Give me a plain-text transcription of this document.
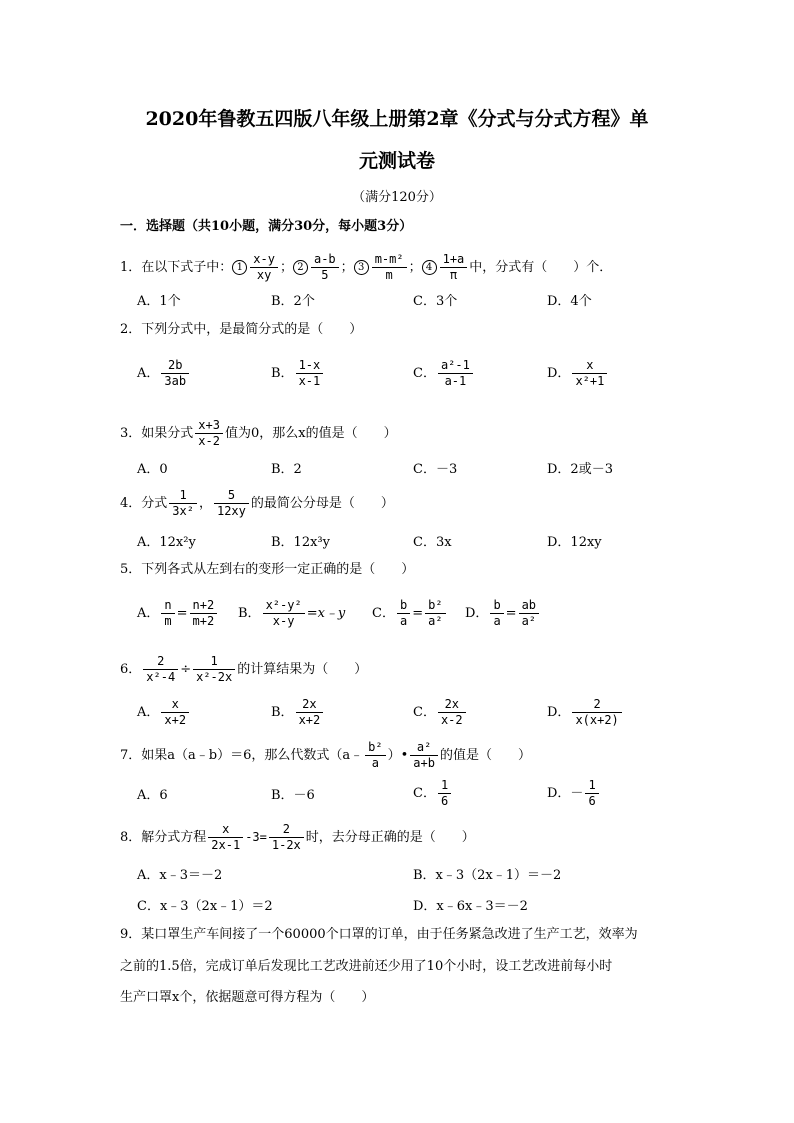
2020年鲁教五四版八年级上册第2章《分式与分式方程》单
元测试卷
（满分120分）
一．选择题（共10小题，满分30分，每小题3分）
1．在以下式子中： $1 \frac{x-y}{xy}$ ； $2 \frac{a-b}{5}$ ； $3 \frac{\text{m-m²}}{m}$ ； $4 \frac{1+a}{\pi}$ 中，分式有（　　）个．
A．1个	B．2个	C．3个	D．4个
2．下列分式中，是最简分式的是（　　）
A． $\frac{2b}{3ab}$	B． $\frac{1-x}{x-1}$	C． $\frac{\text{a²-1}}{a-1}$	D． $\frac{x}{\text{x²+1}}$
3．如果分式 $\frac{x+3}{x-2}$ 值为0，那么x的值是（　　）
A．0	B．2	C．－3	D．2或－3
4．分式 $\frac{1}{\text{3x²}}$ ， $\frac{5}{12xy}$ 的最简公分母是（　　）
A．12x²y	B．12x³y	C．3x	D．12xy
5．下列各式从左到右的变形一定正确的是（　　）
A． $\frac{n}{m} = \frac{n+2}{m+2}$ B． $\frac{\text{x²-y²}}{x-y}$ =x﹣y C． $\frac{b}{a} = \frac{\text{b²}}{\text{a²}}$ D． $\frac{b}{a} = \frac{ab}{\text{a²}}$
6． $\frac{2}{\text{x²-4}} \div \frac{1}{\text{x²-2x}}$ 的计算结果为（　　）
A． $\frac{x}{x+2}$	B． $\frac{2x}{x+2}$	C． $\frac{2x}{x-2}$	D． $\frac{2}{x(x+2)}$
7．如果a（a﹣b）＝6，那么代数式（a﹣ $\frac{\text{b²}}{a}$ ）• $\frac{\text{a²}}{a+b}$ 的值是（　　）
A．6	B．－6	C． $\frac{1}{6}$	D．－ $\frac{1}{6}$
8．解分式方程 $\frac{x}{2x-1} -3= \frac{2}{1-2x}$ 时，去分母正确的是（　　）
A．x﹣3＝－2	B．x﹣3（2x﹣1）＝－2
C．x﹣3（2x﹣1）＝2	D．x﹣6x﹣3＝－2
9．某口罩生产车间接了一个60000个口罩的订单，由于任务紧急改进了生产工艺，效率为
之前的1.5倍，完成订单后发现比工艺改进前还少用了10个小时，设工艺改进前每小时
生产口罩x个，依据题意可得方程为（　　）
